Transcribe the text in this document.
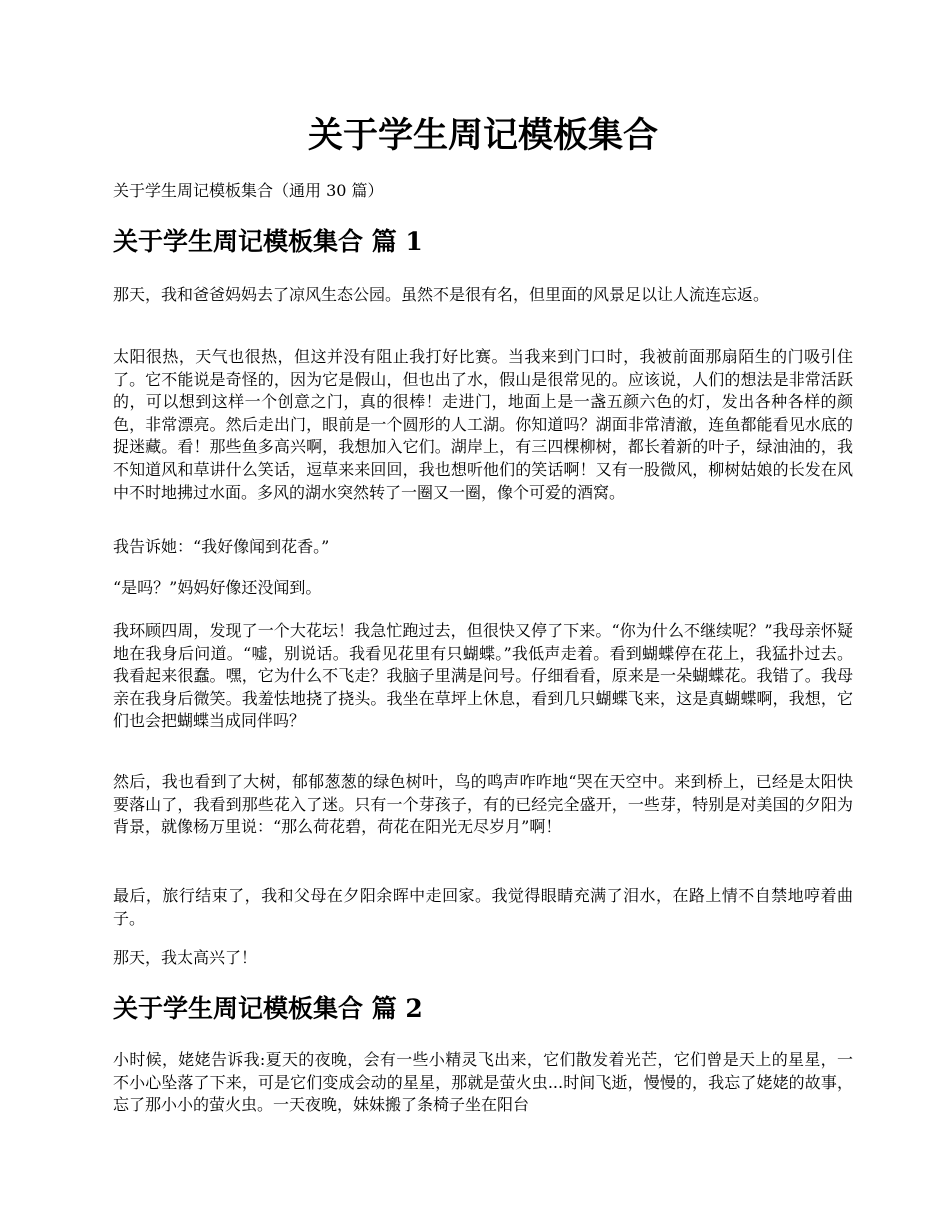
关于学生周记模板集合

关于学生周记模板集合（通用 30 篇）

关于学生周记模板集合 篇 1

那天，我和爸爸妈妈去了凉风生态公园。虽然不是很有名，但里面的风景足以让人流连忘返。

太阳很热，天气也很热，但这并没有阻止我打好比赛。当我来到门口时，我被前面那扇陌生的门吸引住了。它不能说是奇怪的，因为它是假山，但也出了水，假山是很常见的。应该说，人们的想法是非常活跃的，可以想到这样一个创意之门，真的很棒！走进门，地面上是一盏五颜六色的灯，发出各种各样的颜色，非常漂亮。然后走出门，眼前是一个圆形的人工湖。你知道吗？湖面非常清澈，连鱼都能看见水底的捉迷藏。看！那些鱼多高兴啊，我想加入它们。湖岸上，有三四棵柳树，都长着新的叶子，绿油油的，我不知道风和草讲什么笑话，逗草来来回回，我也想听他们的笑话啊！又有一股微风，柳树姑娘的长发在风中不时地拂过水面。多风的湖水突然转了一圈又一圈，像个可爱的酒窝。

我告诉她：“我好像闻到花香。”

“是吗？”妈妈好像还没闻到。

我环顾四周，发现了一个大花坛！我急忙跑过去，但很快又停了下来。“你为什么不继续呢？”我母亲怀疑地在我身后问道。“嘘，别说话。我看见花里有只蝴蝶。”我低声走着。看到蝴蝶停在花上，我猛扑过去。我看起来很蠢。嘿，它为什么不飞走？我脑子里满是问号。仔细看看，原来是一朵蝴蝶花。我错了。我母亲在我身后微笑。我羞怯地挠了挠头。我坐在草坪上休息，看到几只蝴蝶飞来，这是真蝴蝶啊，我想，它们也会把蝴蝶当成同伴吗？

然后，我也看到了大树，郁郁葱葱的绿色树叶，鸟的鸣声咋咋地“哭在天空中。来到桥上，已经是太阳快要落山了，我看到那些花入了迷。只有一个芽孩子，有的已经完全盛开，一些芽，特别是对美国的夕阳为背景，就像杨万里说：“那么荷花碧，荷花在阳光无尽岁月”啊！

最后，旅行结束了，我和父母在夕阳余晖中走回家。我觉得眼睛充满了泪水，在路上情不自禁地哼着曲子。

那天，我太高兴了！

关于学生周记模板集合 篇 2

小时候，姥姥告诉我:夏天的夜晚，会有一些小精灵飞出来，它们散发着光芒，它们曾是天上的星星，一不小心坠落了下来，可是它们变成会动的星星，那就是萤火虫...时间飞逝，慢慢的，我忘了姥姥的故事，忘了那小小的萤火虫。一天夜晚，妹妹搬了条椅子坐在阳台
